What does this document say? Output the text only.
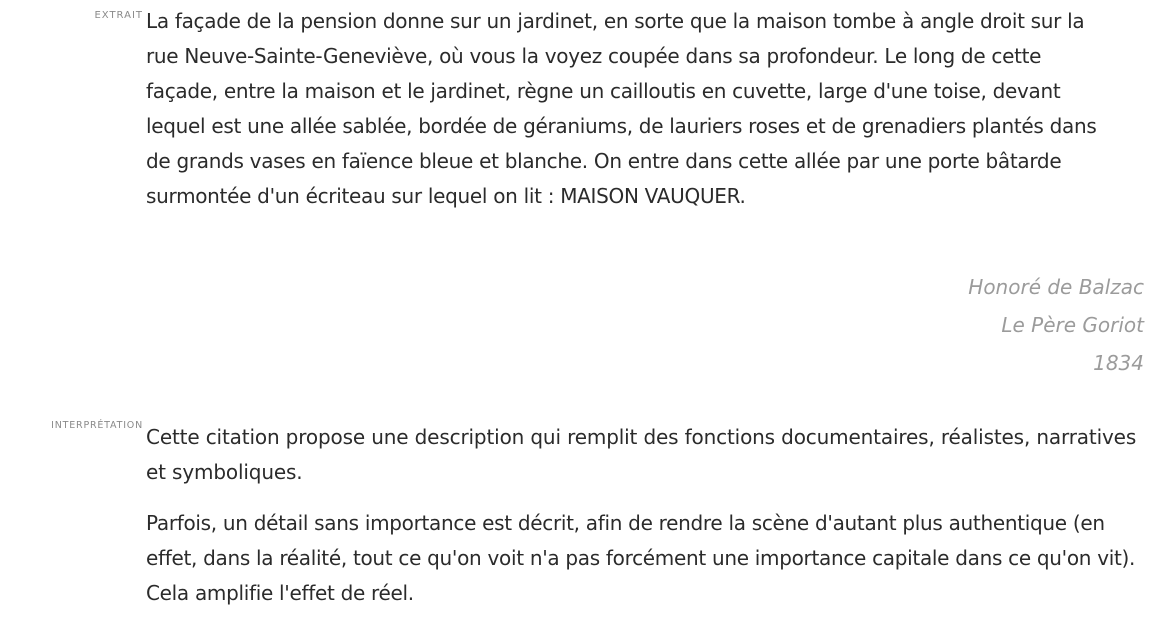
EXTRAIT La façade de la pension donne sur un jardinet, en sorte que la maison tombe à angle droit sur la rue Neuve-Sainte-Geneviève, où vous la voyez coupée dans sa profondeur. Le long de cette façade, entre la maison et le jardinet, règne un cailloutis en cuvette, large d'une toise, devant lequel est une allée sablée, bordée de géraniums, de lauriers roses et de grenadiers plantés dans de grands vases en faïence bleue et blanche. On entre dans cette allée par une porte bâtarde surmontée d'un écriteau sur lequel on lit : MAISON VAUQUER.

Honoré de Balzac
Le Père Goriot
1834
INTERPRÉTATION Cette citation propose une description qui remplit des fonctions documentaires, réalistes, narratives et symboliques.

Parfois, un détail sans importance est décrit, afin de rendre la scène d'autant plus authentique (en effet, dans la réalité, tout ce qu'on voit n'a pas forcément une importance capitale dans ce qu'on vit). Cela amplifie l'effet de réel.
